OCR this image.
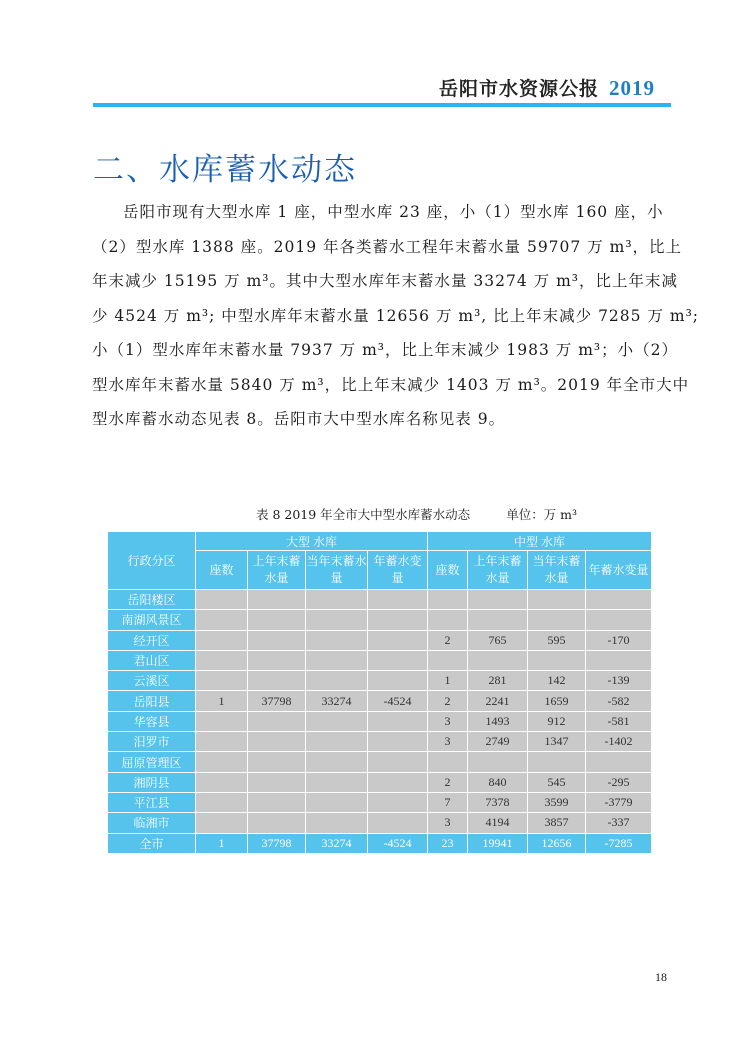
岳阳市水资源公报 2019
二、水库蓄水动态
岳阳市现有大型水库 1 座，中型水库 23 座，小（1）型水库 160 座，小
（2）型水库 1388 座。2019 年各类蓄水工程年末蓄水量 59707 万 m³，比上
年末减少 15195 万 m³。其中大型水库年末蓄水量 33274 万 m³，比上年末减
少 4524 万 m³; 中型水库年末蓄水量 12656 万 m³, 比上年末减少 7285 万 m³;
小（1）型水库年末蓄水量 7937 万 m³，比上年末减少 1983 万 m³；小（2）
型水库年末蓄水量 5840 万 m³，比上年末减少 1403 万 m³。2019 年全市大中
型水库蓄水动态见表 8。岳阳市大中型水库名称见表 9。
表 8 2019 年全市大中型水库蓄水动态	单位：万 m³
行政分区	大型 水库				中型 水库			
	座数	上年末蓄水量	当年末蓄水量	年蓄水变量	座数	上年末蓄水量	当年末蓄水量	年蓄水变量
岳阳楼区								
南湖风景区								
经开区					2	765	595	-170
君山区								
云溪区					1	281	142	-139
岳阳县	1	37798	33274	-4524	2	2241	1659	-582
华容县					3	1493	912	-581
汨罗市					3	2749	1347	-1402
屈原管理区								
湘阴县					2	840	545	-295
平江县					7	7378	3599	-3779
临湘市					3	4194	3857	-337
全市	1	37798	33274	-4524	23	19941	12656	-7285
18
